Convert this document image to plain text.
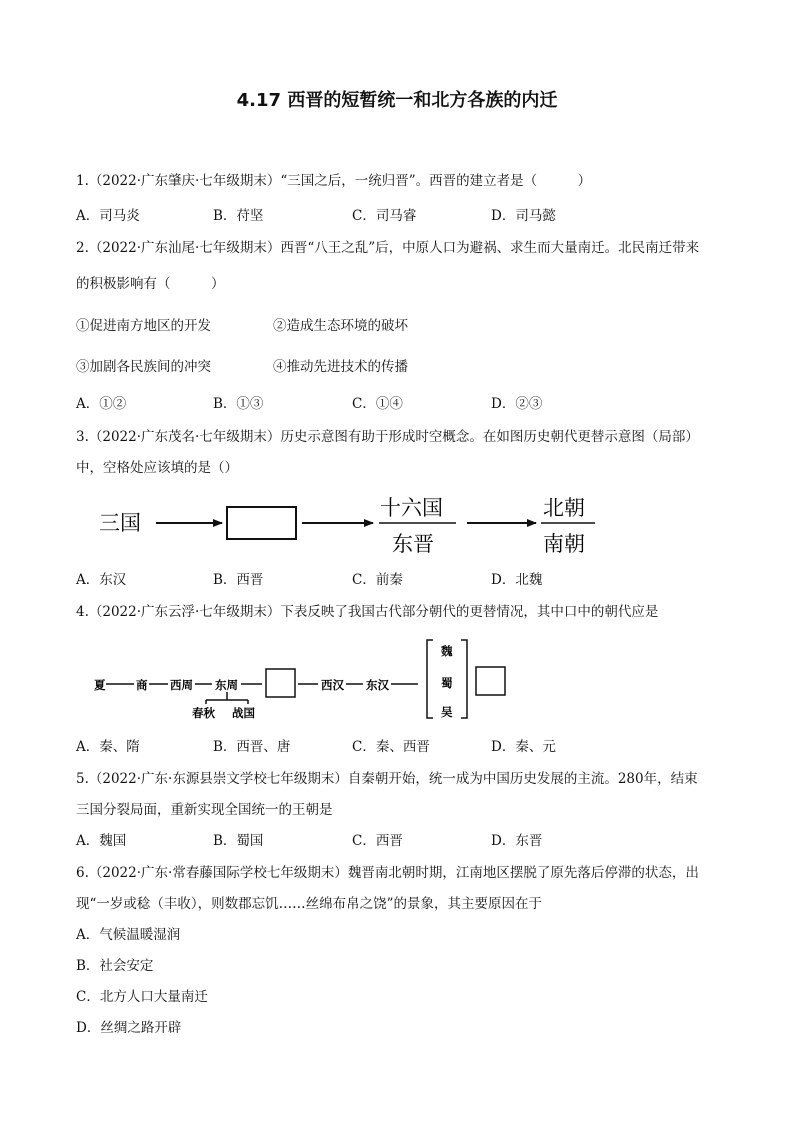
4.17 西晋的短暂统一和北方各族的内迁
1.（2022·广东肇庆·七年级期末）“三国之后，一统归晋”。西晋的建立者是（　　　）
A．司马炎	B．苻坚	C．司马睿	D．司马懿
2.（2022·广东汕尾·七年级期末）西晋“八王之乱”后，中原人口为避祸、求生而大量南迁。北民南迁带来
的积极影响有（　　　）
①促进南方地区的开发	②造成生态环境的破坏
③加剧各民族间的冲突	④推动先进技术的传播
A．①②	B．①③	C．①④	D．②③
3.（2022·广东茂名·七年级期末）历史示意图有助于形成时空概念。在如图历史朝代更替示意图（局部）
中，空格处应该填的是（）
三国
十六国
东晋
北朝
南朝
A．东汉	B．西晋	C．前秦	D．北魏
4.（2022·广东云浮·七年级期末）下表反映了我国古代部分朝代的更替情况，其中口中的朝代应是
夏	商 西周 东周
春秋 战国
西汉 东汉
魏
蜀
吴
A．秦、隋	B．西晋、唐	C．秦、西晋	D．秦、元
5.（2022·广东·东源县崇文学校七年级期末）自秦朝开始，统一成为中国历史发展的主流。280年，结束
三国分裂局面，重新实现全国统一的王朝是
A．魏国	B．蜀国	C．西晋	D．东晋
6.（2022·广东·常春藤国际学校七年级期末）魏晋南北朝时期，江南地区摆脱了原先落后停滞的状态，出
现“一岁或稔（丰收），则数郡忘饥……丝绵布帛之饶”的景象，其主要原因在于
A．气候温暖湿润
B．社会安定
C．北方人口大量南迁
D．丝绸之路开辟
